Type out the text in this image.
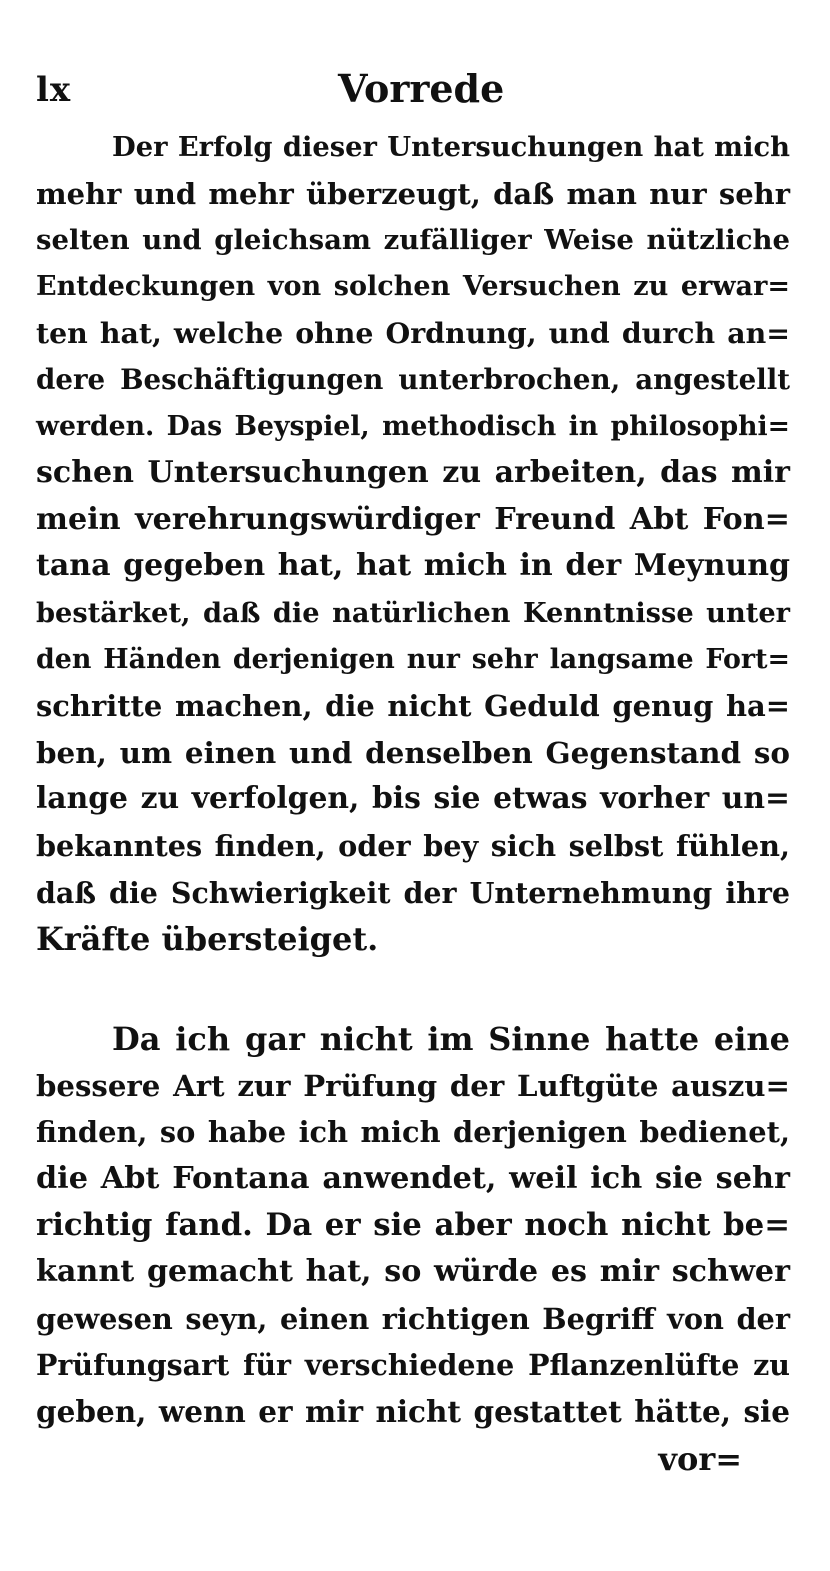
lx	Vorrede
Der Erfolg dieser Untersuchungen hat mich
mehr und mehr überzeugt, daß man nur sehr
selten und gleichsam zufälliger Weise nützliche
Entdeckungen von solchen Versuchen zu erwar=
ten hat, welche ohne Ordnung, und durch an=
dere Beschäftigungen unterbrochen, angestellt
werden. Das Beyspiel, methodisch in philosophi=
schen Untersuchungen zu arbeiten, das mir
mein verehrungswürdiger Freund Abt Fon=
tana gegeben hat, hat mich in der Meynung
bestärket, daß die natürlichen Kenntnisse unter
den Händen derjenigen nur sehr langsame Fort=
schritte machen, die nicht Geduld genug ha=
ben, um einen und denselben Gegenstand so
lange zu verfolgen, bis sie etwas vorher un=
bekanntes finden, oder bey sich selbst fühlen,
daß die Schwierigkeit der Unternehmung ihre
Kräfte übersteiget.
Da ich gar nicht im Sinne hatte eine
bessere Art zur Prüfung der Luftgüte auszu=
finden, so habe ich mich derjenigen bedienet,
die Abt Fontana anwendet, weil ich sie sehr
richtig fand. Da er sie aber noch nicht be=
kannt gemacht hat, so würde es mir schwer
gewesen seyn, einen richtigen Begriff von der
Prüfungsart für verschiedene Pflanzenlüfte zu
geben, wenn er mir nicht gestattet hätte, sie
vor=
